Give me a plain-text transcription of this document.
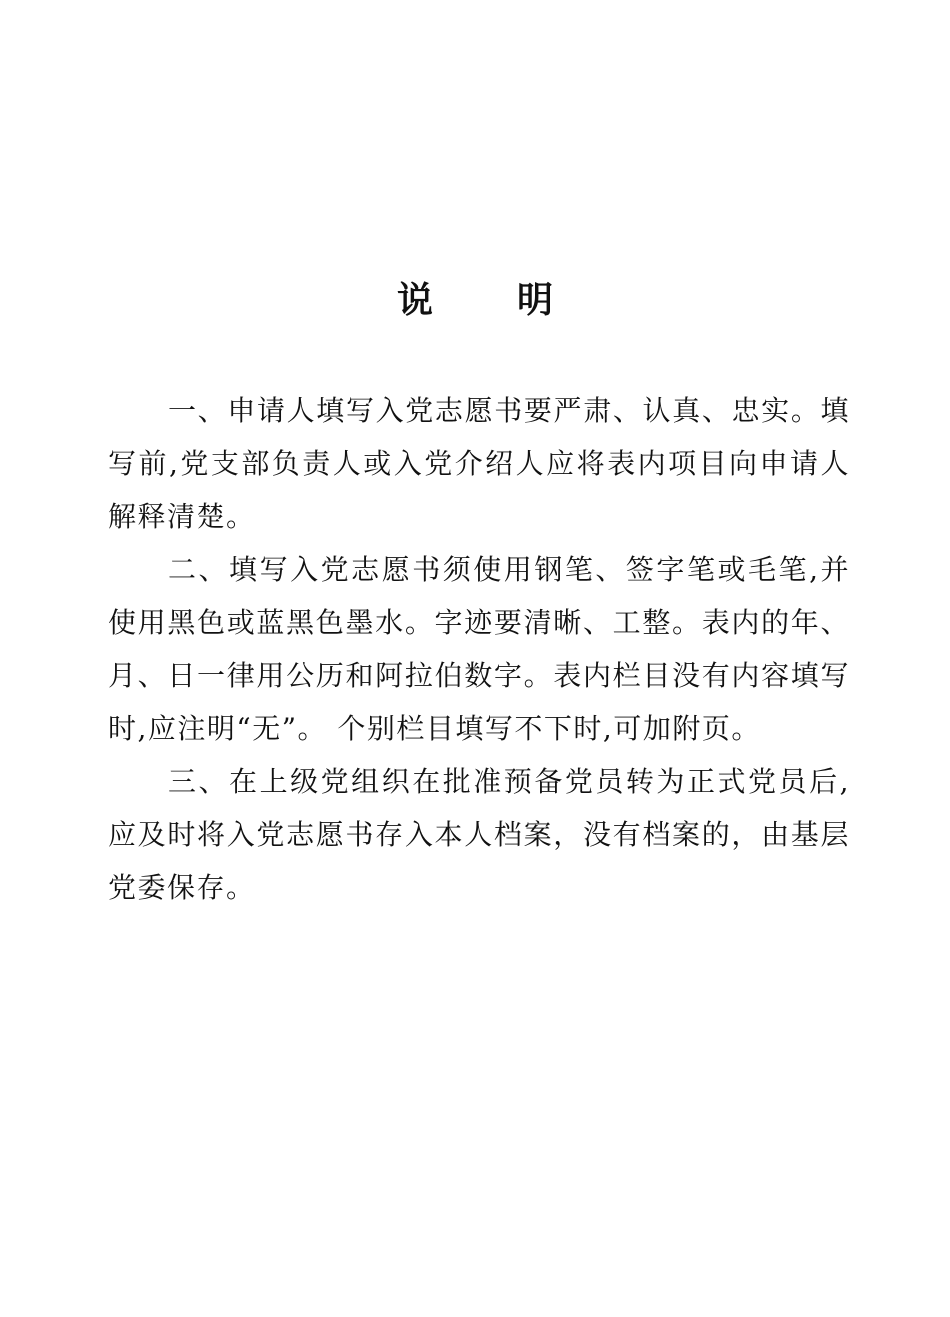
说 明

一、申请人填写入党志愿书要严肃、认真、忠实。填写前,党支部负责人或入党介绍人应将表内项目向申请人解释清楚。

二、填写入党志愿书须使用钢笔、签字笔或毛笔,并使用黑色或蓝黑色墨水。字迹要清晰、工整。表内的年、月、日一律用公历和阿拉伯数字。表内栏目没有内容填写时,应注明“无”。 个别栏目填写不下时,可加附页。

三、在上级党组织在批准预备党员转为正式党员后,应及时将入党志愿书存入本人档案，没有档案的，由基层党委保存。
